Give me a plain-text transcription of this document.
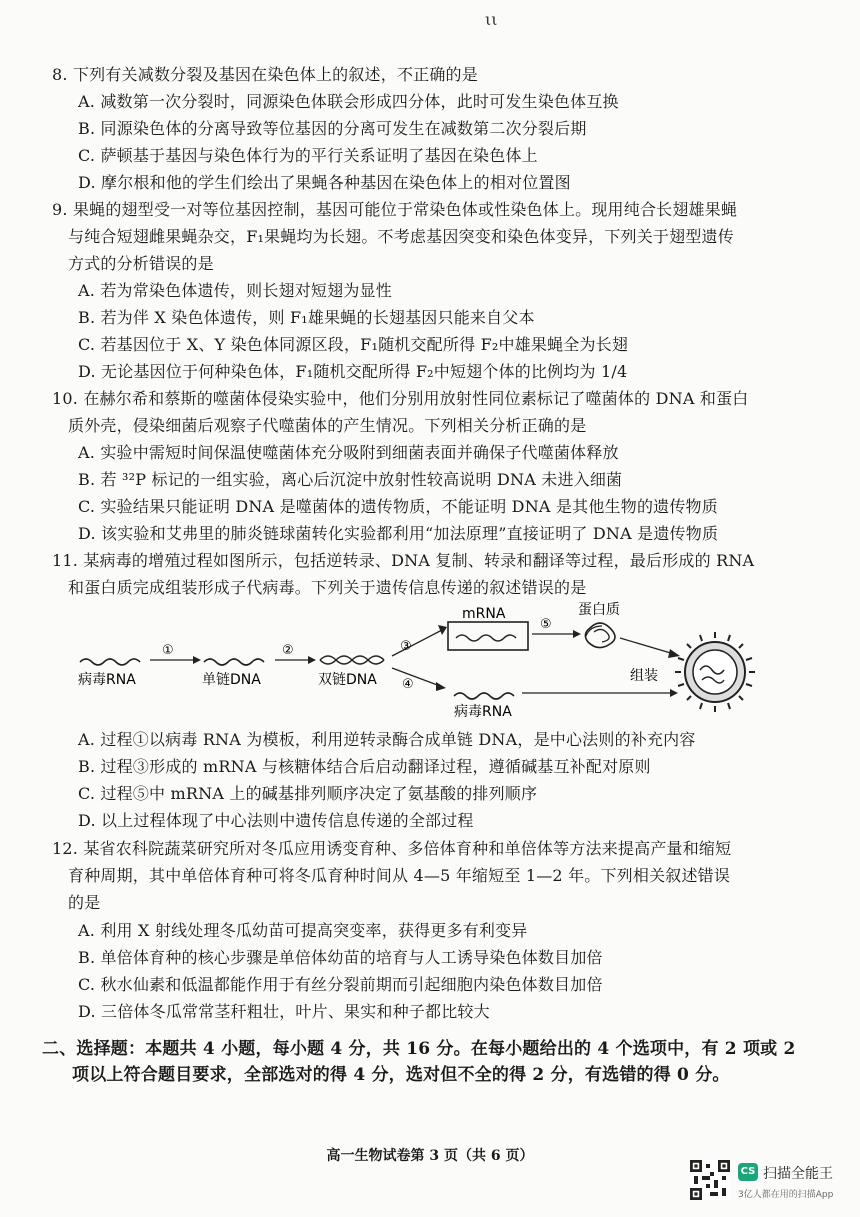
ιι
8. 下列有关减数分裂及基因在染色体上的叙述，不正确的是
A. 减数第一次分裂时，同源染色体联会形成四分体，此时可发生染色体互换
B. 同源染色体的分离导致等位基因的分离可发生在减数第二次分裂后期
C. 萨顿基于基因与染色体行为的平行关系证明了基因在染色体上
D. 摩尔根和他的学生们绘出了果蝇各种基因在染色体上的相对位置图
9. 果蝇的翅型受一对等位基因控制，基因可能位于常染色体或性染色体上。现用纯合长翅雄果蝇
与纯合短翅雌果蝇杂交，F₁果蝇均为长翅。不考虑基因突变和染色体变异，下列关于翅型遗传
方式的分析错误的是
A. 若为常染色体遗传，则长翅对短翅为显性
B. 若为伴 X 染色体遗传，则 F₁雄果蝇的长翅基因只能来自父本
C. 若基因位于 X、Y 染色体同源区段，F₁随机交配所得 F₂中雄果蝇全为长翅
D. 无论基因位于何种染色体，F₁随机交配所得 F₂中短翅个体的比例均为 1/4
10. 在赫尔希和蔡斯的噬菌体侵染实验中，他们分别用放射性同位素标记了噬菌体的 DNA 和蛋白
质外壳，侵染细菌后观察子代噬菌体的产生情况。下列相关分析正确的是
A. 实验中需短时间保温使噬菌体充分吸附到细菌表面并确保子代噬菌体释放
B. 若 ³²P 标记的一组实验，离心后沉淀中放射性较高说明 DNA 未进入细菌
C. 实验结果只能证明 DNA 是噬菌体的遗传物质，不能证明 DNA 是其他生物的遗传物质
D. 该实验和艾弗里的肺炎链球菌转化实验都利用“加法原理”直接证明了 DNA 是遗传物质
11. 某病毒的增殖过程如图所示，包括逆转录、DNA 复制、转录和翻译等过程，最后形成的 RNA
和蛋白质完成组装形成子代病毒。下列关于遗传信息传递的叙述错误的是
病毒RNA
①
单链DNA
②
双链DNA
③
④
mRNA
⑤
蛋白质
病毒RNA
组装
A. 过程①以病毒 RNA 为模板，利用逆转录酶合成单链 DNA，是中心法则的补充内容
B. 过程③形成的 mRNA 与核糖体结合后启动翻译过程，遵循碱基互补配对原则
C. 过程⑤中 mRNA 上的碱基排列顺序决定了氨基酸的排列顺序
D. 以上过程体现了中心法则中遗传信息传递的全部过程
12. 某省农科院蔬菜研究所对冬瓜应用诱变育种、多倍体育种和单倍体等方法来提高产量和缩短
育种周期，其中单倍体育种可将冬瓜育种时间从 4—5 年缩短至 1—2 年。下列相关叙述错误
的是
A. 利用 X 射线处理冬瓜幼苗可提高突变率，获得更多有利变异
B. 单倍体育种的核心步骤是单倍体幼苗的培育与人工诱导染色体数目加倍
C. 秋水仙素和低温都能作用于有丝分裂前期而引起细胞内染色体数目加倍
D. 三倍体冬瓜常常茎秆粗壮，叶片、果实和种子都比较大
二、选择题：本题共 4 小题，每小题 4 分，共 16 分。在每小题给出的 4 个选项中，有 2 项或 2
项以上符合题目要求，全部选对的得 4 分，选对但不全的得 2 分，有选错的得 0 分。
高一生物试卷第 3 页（共 6 页）
CS 扫描全能王
3亿人都在用的扫描App
